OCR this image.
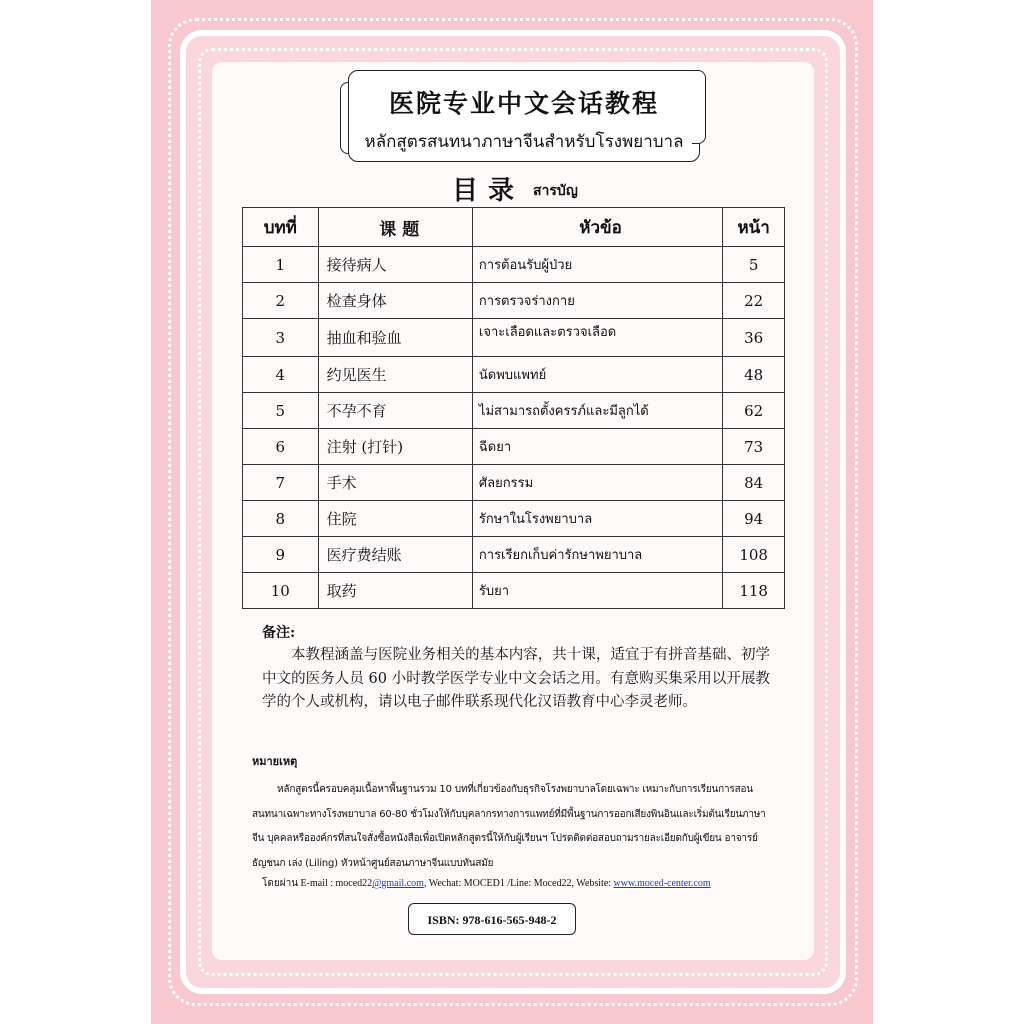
医院专业中文会话教程
หลักสูตรสนทนาภาษาจีนสำหรับโรงพยาบาล
目录 สารบัญ
บทที่	课 题	หัวข้อ	หน้า
1	接待病人	การต้อนรับผู้ป่วย	5
2	检查身体	การตรวจร่างกาย	22
3	抽血和验血	เจาะเลือดและตรวจเลือด	36
4	约见医生	นัดพบแพทย์	48
5	不孕不育	ไม่สามารถตั้งครรภ์และมีลูกได้	62
6	注射 (打针)	ฉีดยา	73
7	手术	ศัลยกรรม	84
8	住院	รักษาในโรงพยาบาล	94
9	医疗费结账	การเรียกเก็บค่ารักษาพยาบาล	108
10	取药	รับยา	118
备注:
本教程涵盖与医院业务相关的基本内容，共十课，适宜于有拼音基础、初学中文的医务人员 60 小时教学医学专业中文会话之用。有意购买集采用以开展教学的个人或机构，请以电子邮件联系现代化汉语教育中心李灵老师。
หมายเหตุ
หลักสูตรนี้ครอบคลุมเนื้อหาพื้นฐานรวม 10 บทที่เกี่ยวข้องกับธุรกิจโรงพยาบาลโดยเฉพาะ เหมาะกับการเรียนการสอนสนทนาเฉพาะทางโรงพยาบาล 60-80 ชั่วโมงให้กับบุคลากรทางการแพทย์ที่มีพื้นฐานการออกเสียงพินอินและเริ่มต้นเรียนภาษาจีน บุคคลหรือองค์กรที่สนใจสั่งซื้อหนังสือเพื่อเปิดหลักสูตรนี้ให้กับผู้เรียนฯ โปรดติดต่อสอบถามรายละเอียดกับผู้เขียน อาจารย์ธัญชนก เล่ง (Liling) หัวหน้าศูนย์สอนภาษาจีนแบบทันสมัย
โดยผ่าน E-mail : moced22@gmail.com, Wechat: MOCED1 /Line: Moced22, Website: www.moced-center.com
ISBN: 978-616-565-948-2
